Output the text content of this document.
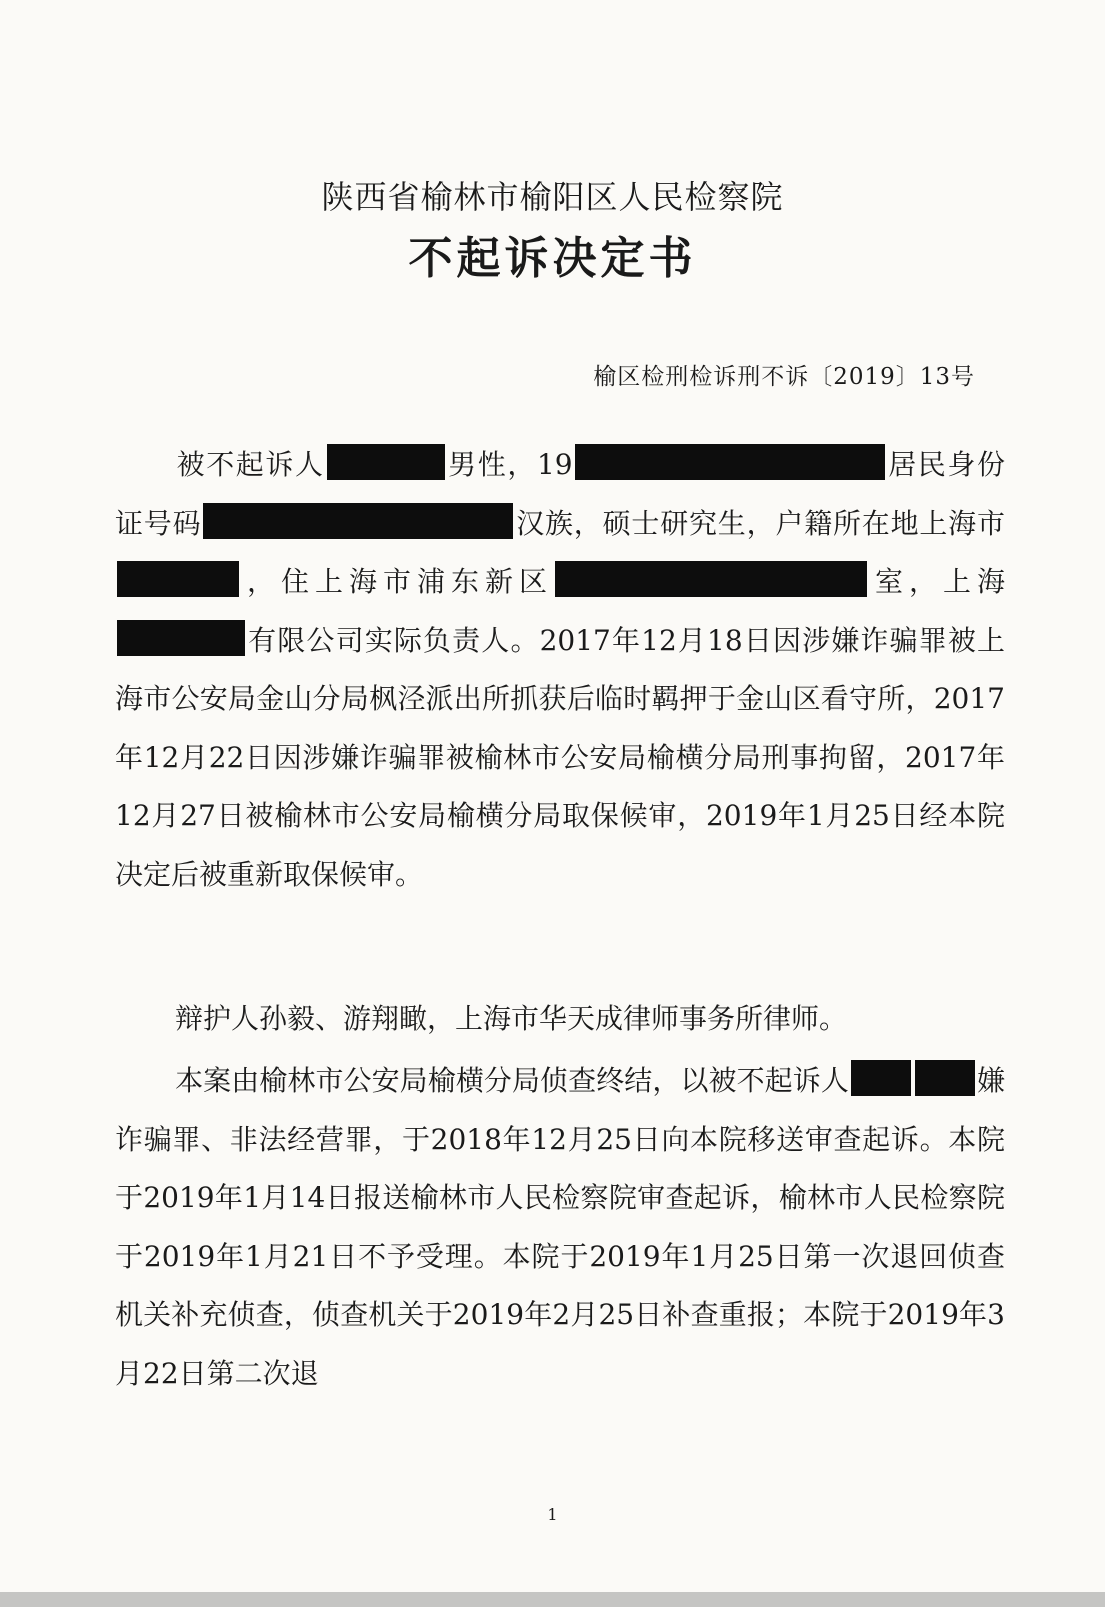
陕西省榆林市榆阳区人民检察院
不起诉决定书
榆区检刑检诉刑不诉〔2019〕13号
被不起诉人	男性，19	居民身份证号码	汉族，硕士研究生，户籍所在地上海市，住上海市浦东新区	室，上海有限公司实际负责人。2017年12月18日因涉嫌诈骗罪被上海市公安局金山分局枫泾派出所抓获后临时羁押于金山区看守所，2017年12月22日因涉嫌诈骗罪被榆林市公安局榆横分局刑事拘留，2017年12月27日被榆林市公安局榆横分局取保候审，2019年1月25日经本院决定后被重新取保候审。
辩护人孙毅、游翔瞰，上海市华天成律师事务所律师。
本案由榆林市公安局榆横分局侦查终结，以被不起诉人	嫌诈骗罪、非法经营罪，于2018年12月25日向本院移送审查起诉。本院于2019年1月14日报送榆林市人民检察院审查起诉，榆林市人民检察院于2019年1月21日不予受理。本院于2019年1月25日第一次退回侦查机关补充侦查，侦查机关于2019年2月25日补查重报；本院于2019年3月22日第二次退
1
